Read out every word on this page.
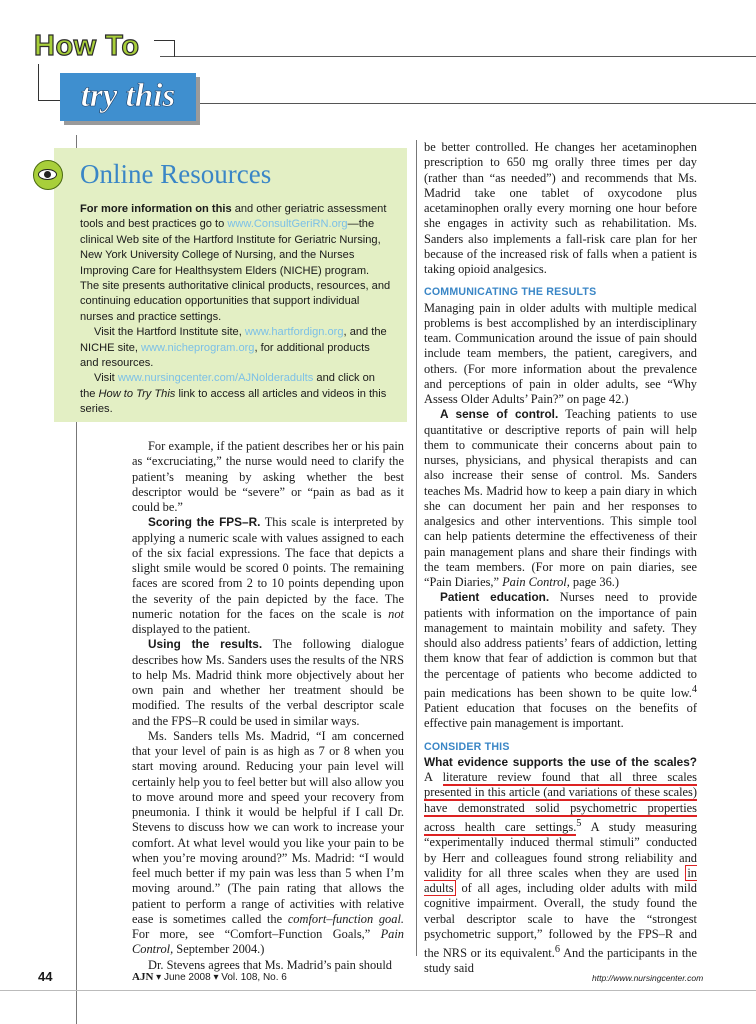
How To
try this
Online Resources

For more information on this and other geriatric assessment tools and best practices go to www.ConsultGeriRN.org—the clinical Web site of the Hartford Institute for Geriatric Nursing, New York University College of Nursing, and the Nurses Improving Care for Healthsystem Elders (NICHE) program. The site presents authoritative clinical products, resources, and continuing education opportunities that support individual nurses and practice settings.

Visit the Hartford Institute site, www.hartfordign.org, and the NICHE site, www.nicheprogram.org, for additional products and resources.

Visit www.nursingcenter.com/AJNolderadults and click on the How to Try This link to access all articles and videos in this series.

For example, if the patient describes her or his pain as “excruciating,” the nurse would need to clarify the patient’s meaning by asking whether the best descriptor would be “severe” or “pain as bad as it could be.”

Scoring the FPS–R. This scale is interpreted by applying a numeric scale with values assigned to each of the six facial expressions. The face that depicts a slight smile would be scored 0 points. The remaining faces are scored from 2 to 10 points depending upon the severity of the pain depicted by the face. The numeric notation for the faces on the scale is not displayed to the patient.

Using the results. The following dialogue describes how Ms. Sanders uses the results of the NRS to help Ms. Madrid think more objectively about her own pain and whether her treatment should be modified. The results of the verbal descriptor scale and the FPS–R could be used in similar ways.

Ms. Sanders tells Ms. Madrid, “I am concerned that your level of pain is as high as 7 or 8 when you start moving around. Reducing your pain level will certainly help you to feel better but will also allow you to move around more and speed your recovery from pneumonia. I think it would be helpful if I call Dr. Stevens to discuss how we can work to increase your comfort. At what level would you like your pain to be when you’re moving around?” Ms. Madrid: “I would feel much better if my pain was less than 5 when I’m moving around.” (The pain rating that allows the patient to perform a range of activities with relative ease is sometimes called the comfort–function goal. For more, see “Comfort–Function Goals,” Pain Control, September 2004.)

Dr. Stevens agrees that Ms. Madrid’s pain should

be better controlled. He changes her acetaminophen prescription to 650 mg orally three times per day (rather than “as needed”) and recommends that Ms. Madrid take one tablet of oxycodone plus acetaminophen orally every morning one hour before she engages in activity such as rehabilitation. Ms. Sanders also implements a fall-risk care plan for her because of the increased risk of falls when a patient is taking opioid analgesics.

COMMUNICATING THE RESULTS

Managing pain in older adults with multiple medical problems is best accomplished by an interdisciplinary team. Communication around the issue of pain should include team members, the patient, caregivers, and others. (For more information about the prevalence and perceptions of pain in older adults, see “Why Assess Older Adults’ Pain?” on page 42.)

A sense of control. Teaching patients to use quantitative or descriptive reports of pain will help them to communicate their concerns about pain to nurses, physicians, and physical therapists and can also increase their sense of control. Ms. Sanders teaches Ms. Madrid how to keep a pain diary in which she can document her pain and her responses to analgesics and other interventions. This simple tool can help patients determine the effectiveness of their pain management plans and share their findings with the team members. (For more on pain diaries, see “Pain Diaries,” Pain Control, page 36.)

Patient education. Nurses need to provide patients with information on the importance of pain management to maintain mobility and safety. They should also address patients’ fears of addiction, letting them know that fear of addiction is common but that the percentage of patients who become addicted to pain medications has been shown to be quite low.$^4$ Patient education that focuses on the benefits of effective pain management is important.

CONSIDER THIS

What evidence supports the use of the scales? A literature review found that all three scales presented in this article (and variations of these scales) have demonstrated solid psychometric properties across health care settings.$^5$ A study measuring “experimentally induced thermal stimuli” conducted by Herr and colleagues found strong reliability and validity for all three scales when they are used in adults of all ages, including older adults with mild cognitive impairment. Overall, the study found the verbal descriptor scale to have the “strongest psychometric support,” followed by the FPS–R and the NRS or its equivalent.$^6$ And the participants in the study said

44	AJN ▾ June 2008 ▾ Vol. 108, No. 6	http://www.nursingcenter.com
